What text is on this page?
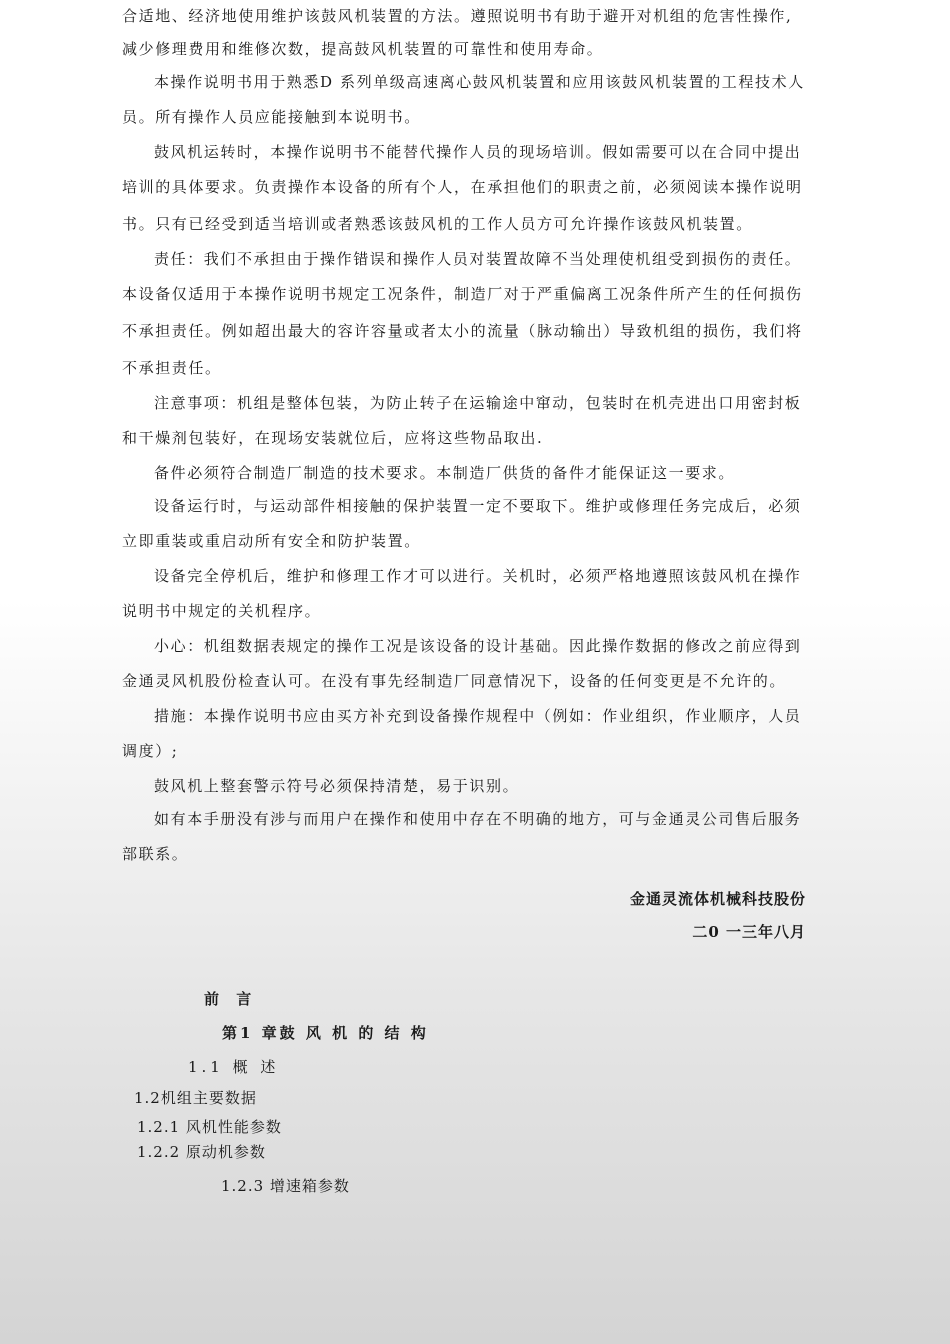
合适地、经济地使用维护该鼓风机装置的方法。遵照说明书有助于避开对机组的危害性操作,
减少修理费用和维修次数，提高鼓风机装置的可靠性和使用寿命。
本操作说明书用于熟悉D 系列单级高速离心鼓风机装置和应用该鼓风机装置的工程技术人
员。所有操作人员应能接触到本说明书。
鼓风机运转时，本操作说明书不能替代操作人员的现场培训。假如需要可以在合同中提出
培训的具体要求。负责操作本设备的所有个人，在承担他们的职责之前，必须阅读本操作说明
书。只有已经受到适当培训或者熟悉该鼓风机的工作人员方可允许操作该鼓风机装置。
责任：我们不承担由于操作错误和操作人员对装置故障不当处理使机组受到损伤的责任。
本设备仅适用于本操作说明书规定工况条件，制造厂对于严重偏离工况条件所产生的任何损伤
不承担责任。例如超出最大的容许容量或者太小的流量（脉动输出）导致机组的损伤，我们将
不承担责任。
注意事项：机组是整体包装，为防止转子在运输途中窜动，包装时在机壳进出口用密封板
和干燥剂包装好，在现场安装就位后，应将这些物品取出.
备件必须符合制造厂制造的技术要求。本制造厂供货的备件才能保证这一要求。
设备运行时，与运动部件相接触的保护装置一定不要取下。维护或修理任务完成后，必须
立即重装或重启动所有安全和防护装置。
设备完全停机后，维护和修理工作才可以进行。关机时，必须严格地遵照该鼓风机在操作
说明书中规定的关机程序。
小心：机组数据表规定的操作工况是该设备的设计基础。因此操作数据的修改之前应得到
金通灵风机股份检查认可。在没有事先经制造厂同意情况下，设备的任何变更是不允许的。
措施：本操作说明书应由买方补充到设备操作规程中（例如：作业组织，作业顺序，人员
调度）;
鼓风机上整套警示符号必须保持清楚，易于识别。
如有本手册没有涉与而用户在操作和使用中存在不明确的地方，可与金通灵公司售后服务
部联系。
金通灵流体机械科技股份
二0 一三年八月
前 言
第1 章鼓 风 机 的 结 构
1.1 概 述
1.2机组主要数据
1.2.1 风机性能参数
1.2.2 原动机参数
1.2.3 增速箱参数
